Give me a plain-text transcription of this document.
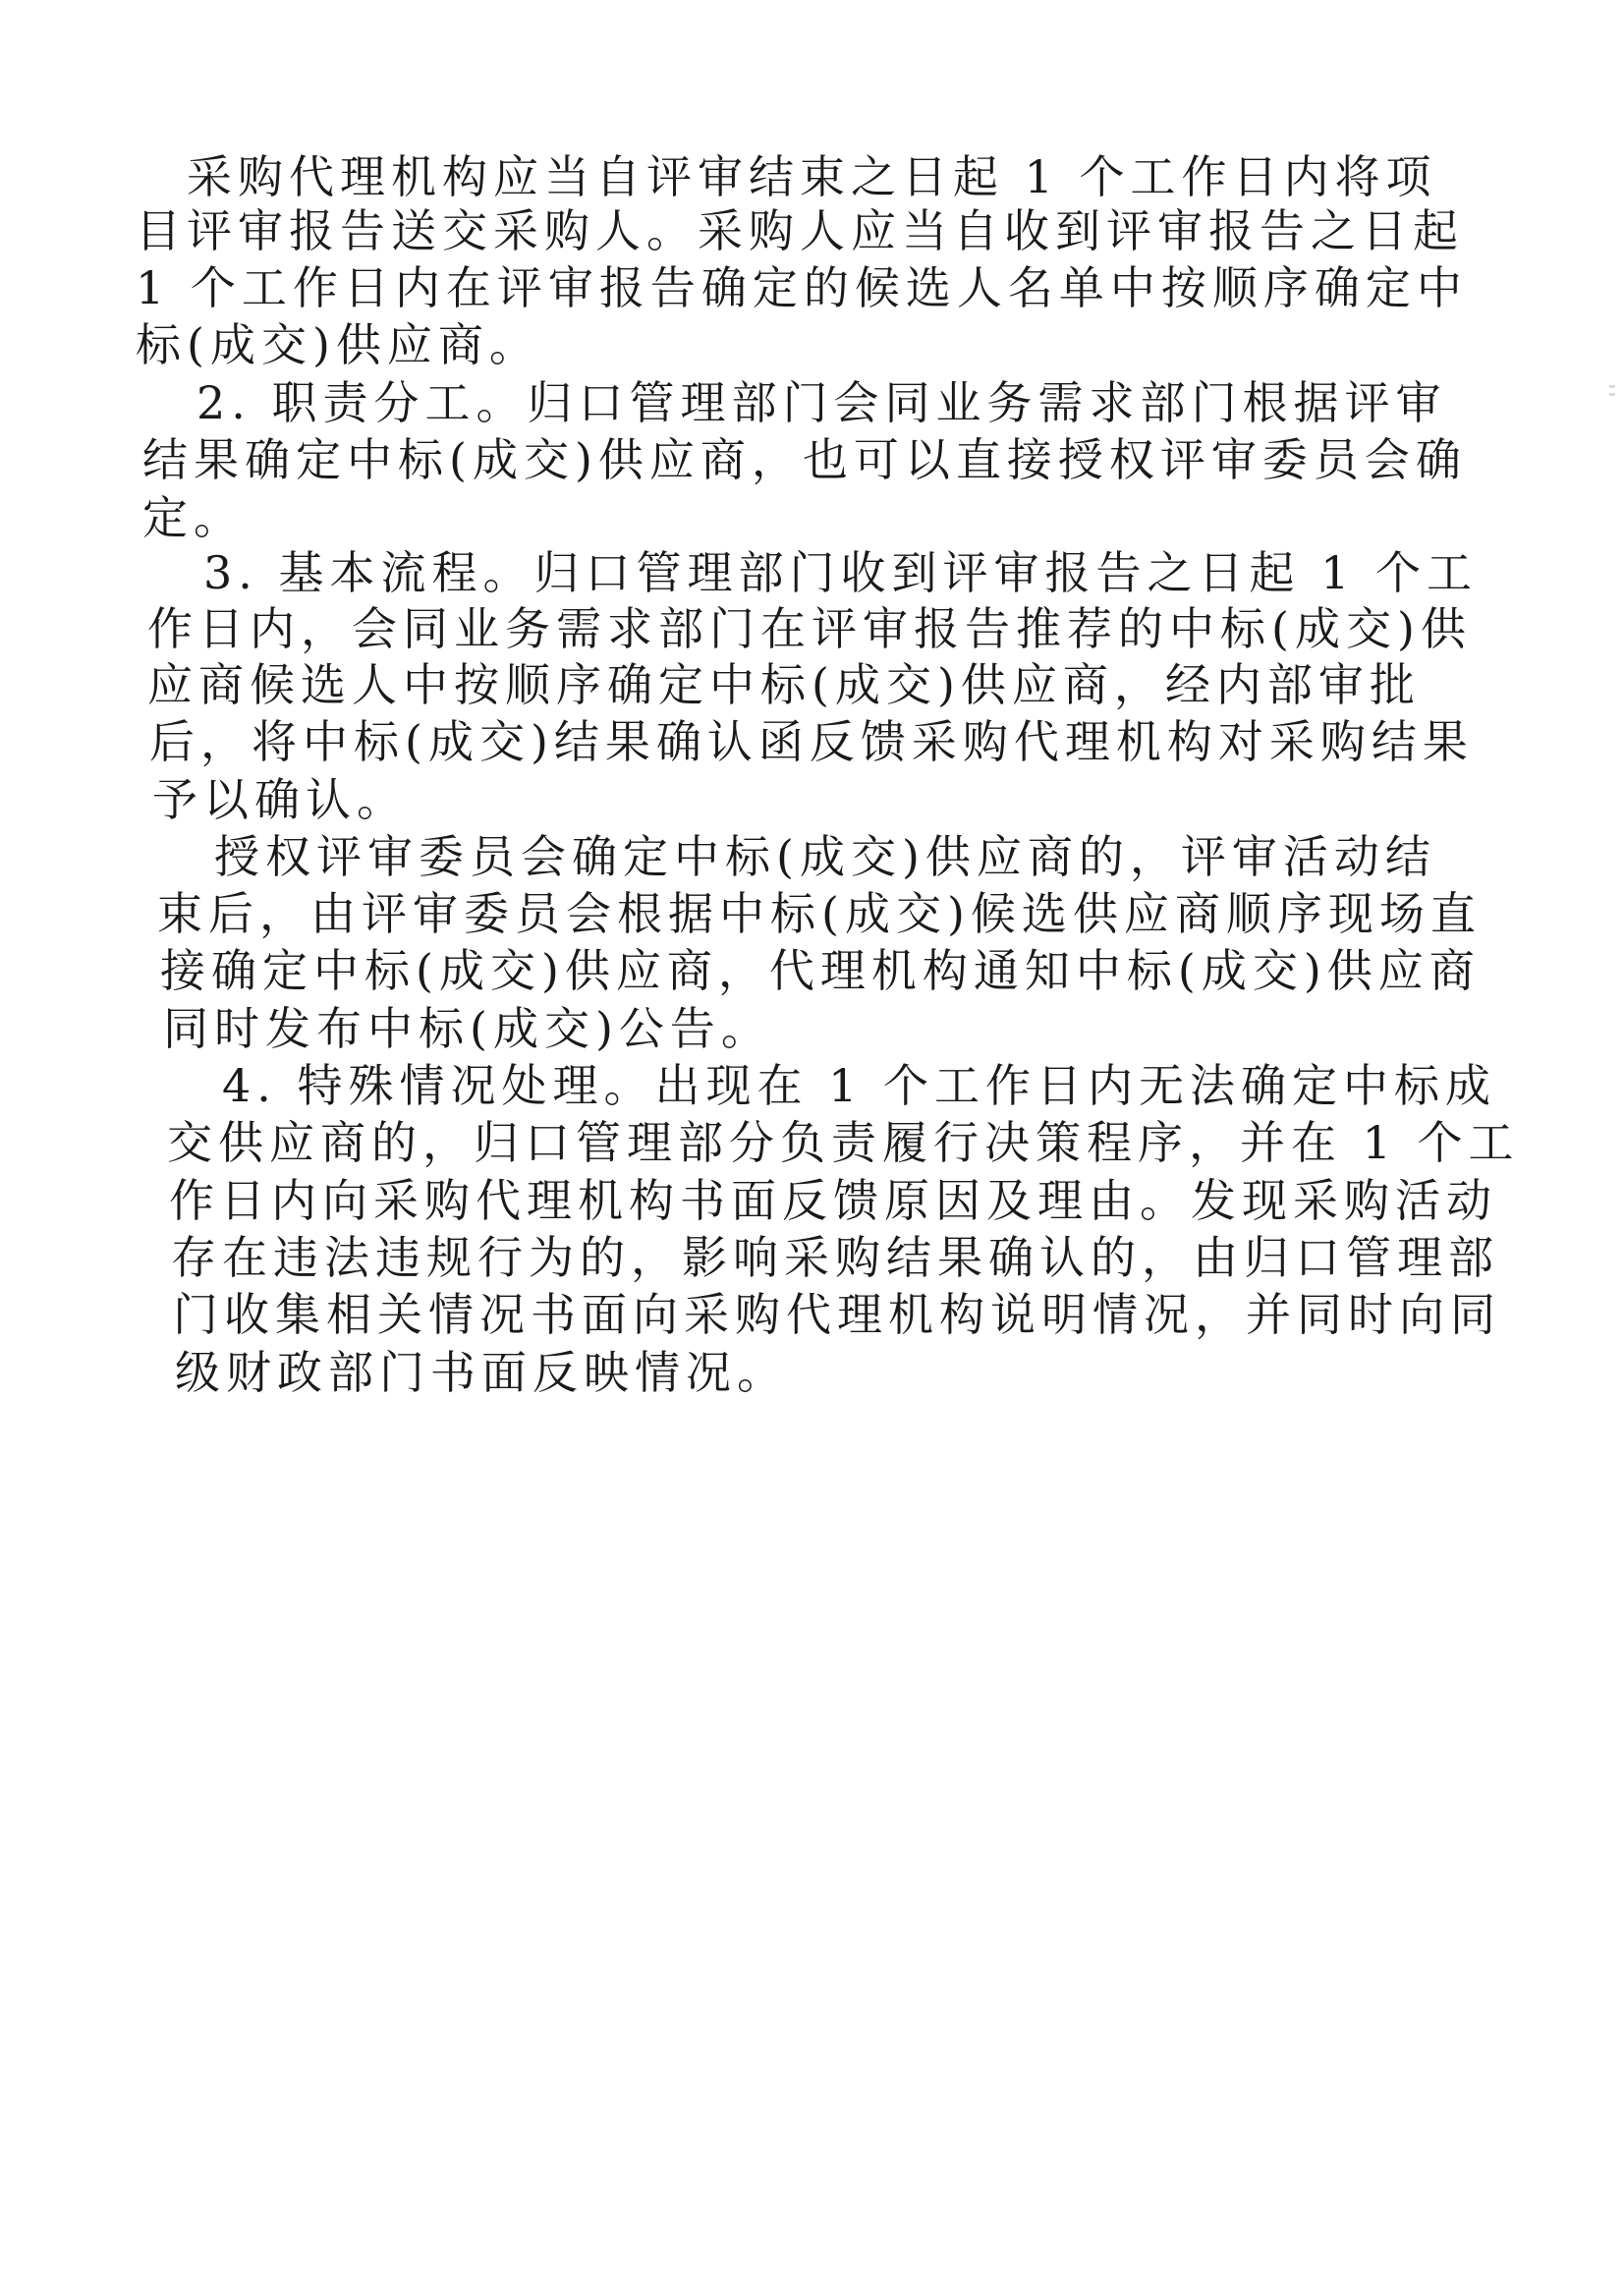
采购代理机构应当自评审结束之日起 1 个工作日内将项
目评审报告送交采购人。采购人应当自收到评审报告之日起
1 个工作日内在评审报告确定的候选人名单中按顺序确定中
标(成交)供应商。
2. 职责分工。归口管理部门会同业务需求部门根据评审
结果确定中标(成交)供应商，也可以直接授权评审委员会确
定。
3. 基本流程。归口管理部门收到评审报告之日起 1 个工
作日内，会同业务需求部门在评审报告推荐的中标(成交)供
应商候选人中按顺序确定中标(成交)供应商，经内部审批
后，将中标(成交)结果确认函反馈采购代理机构对采购结果
予以确认。
授权评审委员会确定中标(成交)供应商的，评审活动结
束后，由评审委员会根据中标(成交)候选供应商顺序现场直
接确定中标(成交)供应商，代理机构通知中标(成交)供应商
同时发布中标(成交)公告。
4. 特殊情况处理。出现在 1 个工作日内无法确定中标成
交供应商的，归口管理部分负责履行决策程序，并在 1 个工
作日内向采购代理机构书面反馈原因及理由。发现采购活动
存在违法违规行为的，影响采购结果确认的，由归口管理部
门收集相关情况书面向采购代理机构说明情况，并同时向同
级财政部门书面反映情况。
